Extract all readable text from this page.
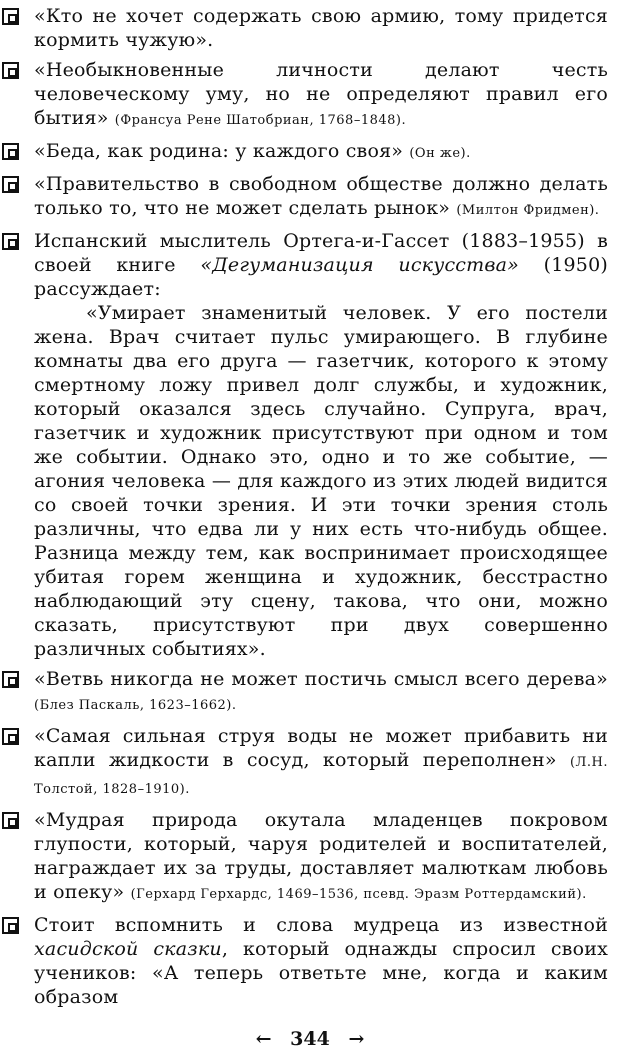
«Кто не хочет содержать свою армию, тому придется кормить чужую».
«Необыкновенные личности делают честь человеческому уму, но не определяют правил его бытия» (Франсуа Рене Шатобриан, 1768–1848).
«Беда, как родина: у каждого своя» (Он же).
«Правительство в свободном обществе должно делать только то, что не может сделать рынок» (Милтон Фридмен).
Испанский мыслитель Ортега-и-Гассет (1883–1955) в своей книге «Дегуманизация искусства» (1950) рассуждает:
«Умирает знаменитый человек. У его постели жена. Врач считает пульс умирающего. В глубине комнаты два его друга — газетчик, которого к этому смертному ложу привел долг службы, и художник, который оказался здесь случайно. Супруга, врач, газетчик и художник присутствуют при одном и том же событии. Однако это, одно и то же событие, — агония человека — для каждого из этих людей видится со своей точки зрения. И эти точки зрения столь различны, что едва ли у них есть что-нибудь общее. Разница между тем, как воспринимает происходящее убитая горем женщина и художник, бесстрастно наблюдающий эту сцену, такова, что они, можно сказать, присутствуют при двух совершенно различных событиях».
«Ветвь никогда не может постичь смысл всего дерева» (Блез Паскаль, 1623–1662).
«Самая сильная струя воды не может прибавить ни капли жидкости в сосуд, который переполнен» (Л.Н. Толстой, 1828–1910).
«Мудрая природа окутала младенцев покровом глупости, который, чаруя родителей и воспитателей, награждает их за труды, доставляет малюткам любовь и опеку» (Герхард Герхардс, 1469–1536, псевд. Эразм Роттердамский).
Стоит вспомнить и слова мудреца из известной хасидской сказки, который однажды спросил своих учеников: «А теперь ответьте мне, когда и каким образом
← 344 →
